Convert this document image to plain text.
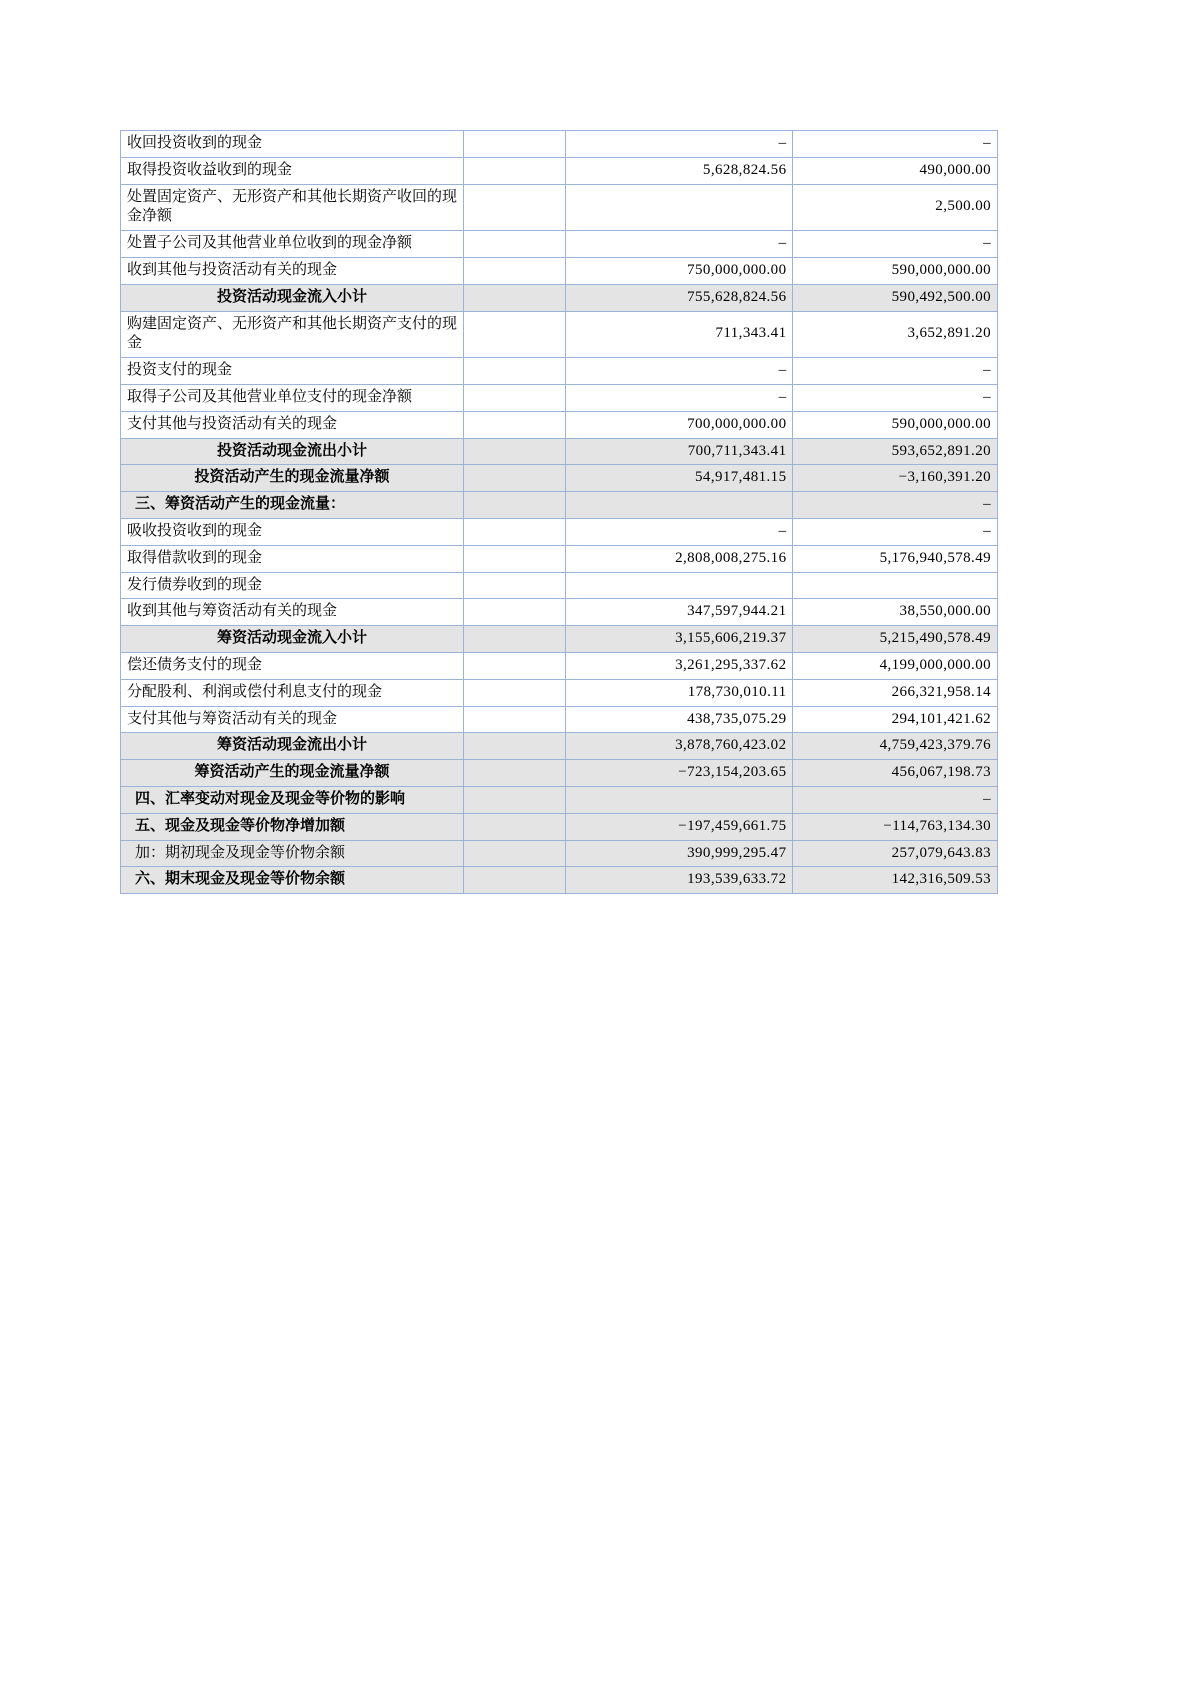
收回投资收到的现金		–	–
取得投资收益收到的现金		5,628,824.56	490,000.00
处置固定资产、无形资产和其他长期资产收回的现金净额			2,500.00
处置子公司及其他营业单位收到的现金净额		–	–
收到其他与投资活动有关的现金		750,000,000.00	590,000,000.00
投资活动现金流入小计		755,628,824.56	590,492,500.00
购建固定资产、无形资产和其他长期资产支付的现金		711,343.41	3,652,891.20
投资支付的现金		–	–
取得子公司及其他营业单位支付的现金净额		–	–
支付其他与投资活动有关的现金		700,000,000.00	590,000,000.00
投资活动现金流出小计		700,711,343.41	593,652,891.20
投资活动产生的现金流量净额		54,917,481.15	−3,160,391.20
三、筹资活动产生的现金流量：			–
吸收投资收到的现金		–	–
取得借款收到的现金		2,808,008,275.16	5,176,940,578.49
发行债券收到的现金			
收到其他与筹资活动有关的现金		347,597,944.21	38,550,000.00
筹资活动现金流入小计		3,155,606,219.37	5,215,490,578.49
偿还债务支付的现金		3,261,295,337.62	4,199,000,000.00
分配股利、利润或偿付利息支付的现金		178,730,010.11	266,321,958.14
支付其他与筹资活动有关的现金		438,735,075.29	294,101,421.62
筹资活动现金流出小计		3,878,760,423.02	4,759,423,379.76
筹资活动产生的现金流量净额		−723,154,203.65	456,067,198.73
四、汇率变动对现金及现金等价物的影响			–
五、现金及现金等价物净增加额		−197,459,661.75	−114,763,134.30
加：期初现金及现金等价物余额		390,999,295.47	257,079,643.83
六、期末现金及现金等价物余额		193,539,633.72	142,316,509.53
